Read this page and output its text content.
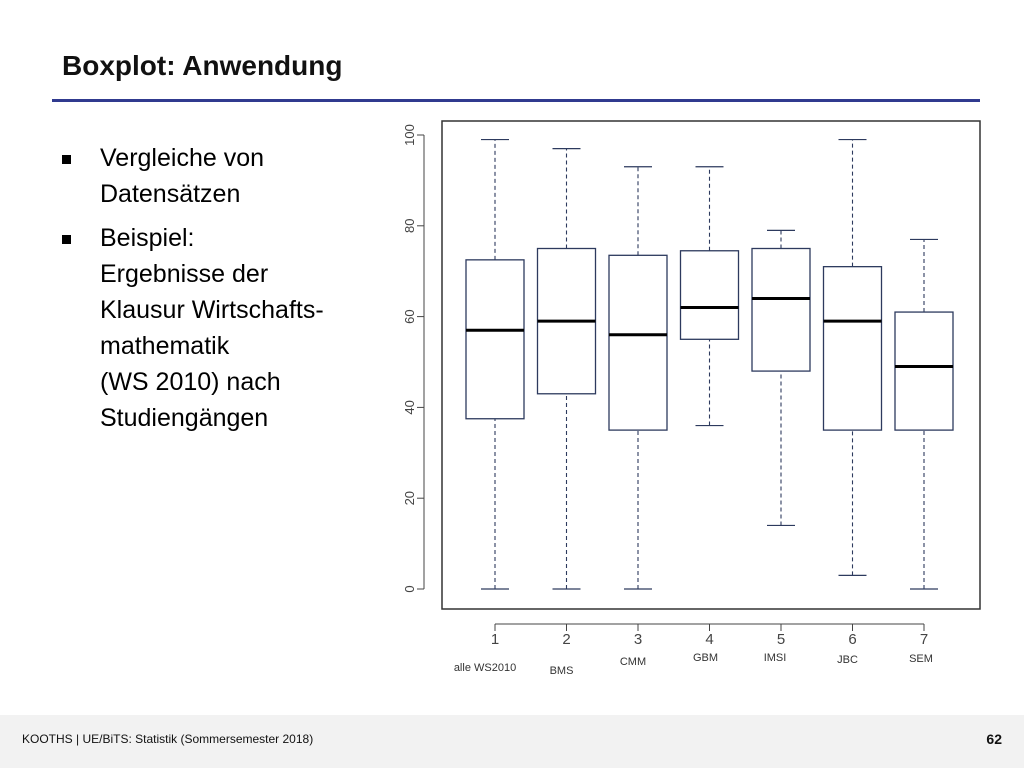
Boxplot: Anwendung
Vergleiche von
Datensätzen
Beispiel:
Ergebnisse der
Klausur Wirtschafts-
mathematik
(WS 2010) nach
Studiengängen
0
20
40
60
80
100
1	2	3	4	5	6	7
alle WS2010	BMS
CMM	GBM	IMSI	JBC	SEM
KOOTHS | UE/BiTS: Statistik (Sommersemester 2018)	62
